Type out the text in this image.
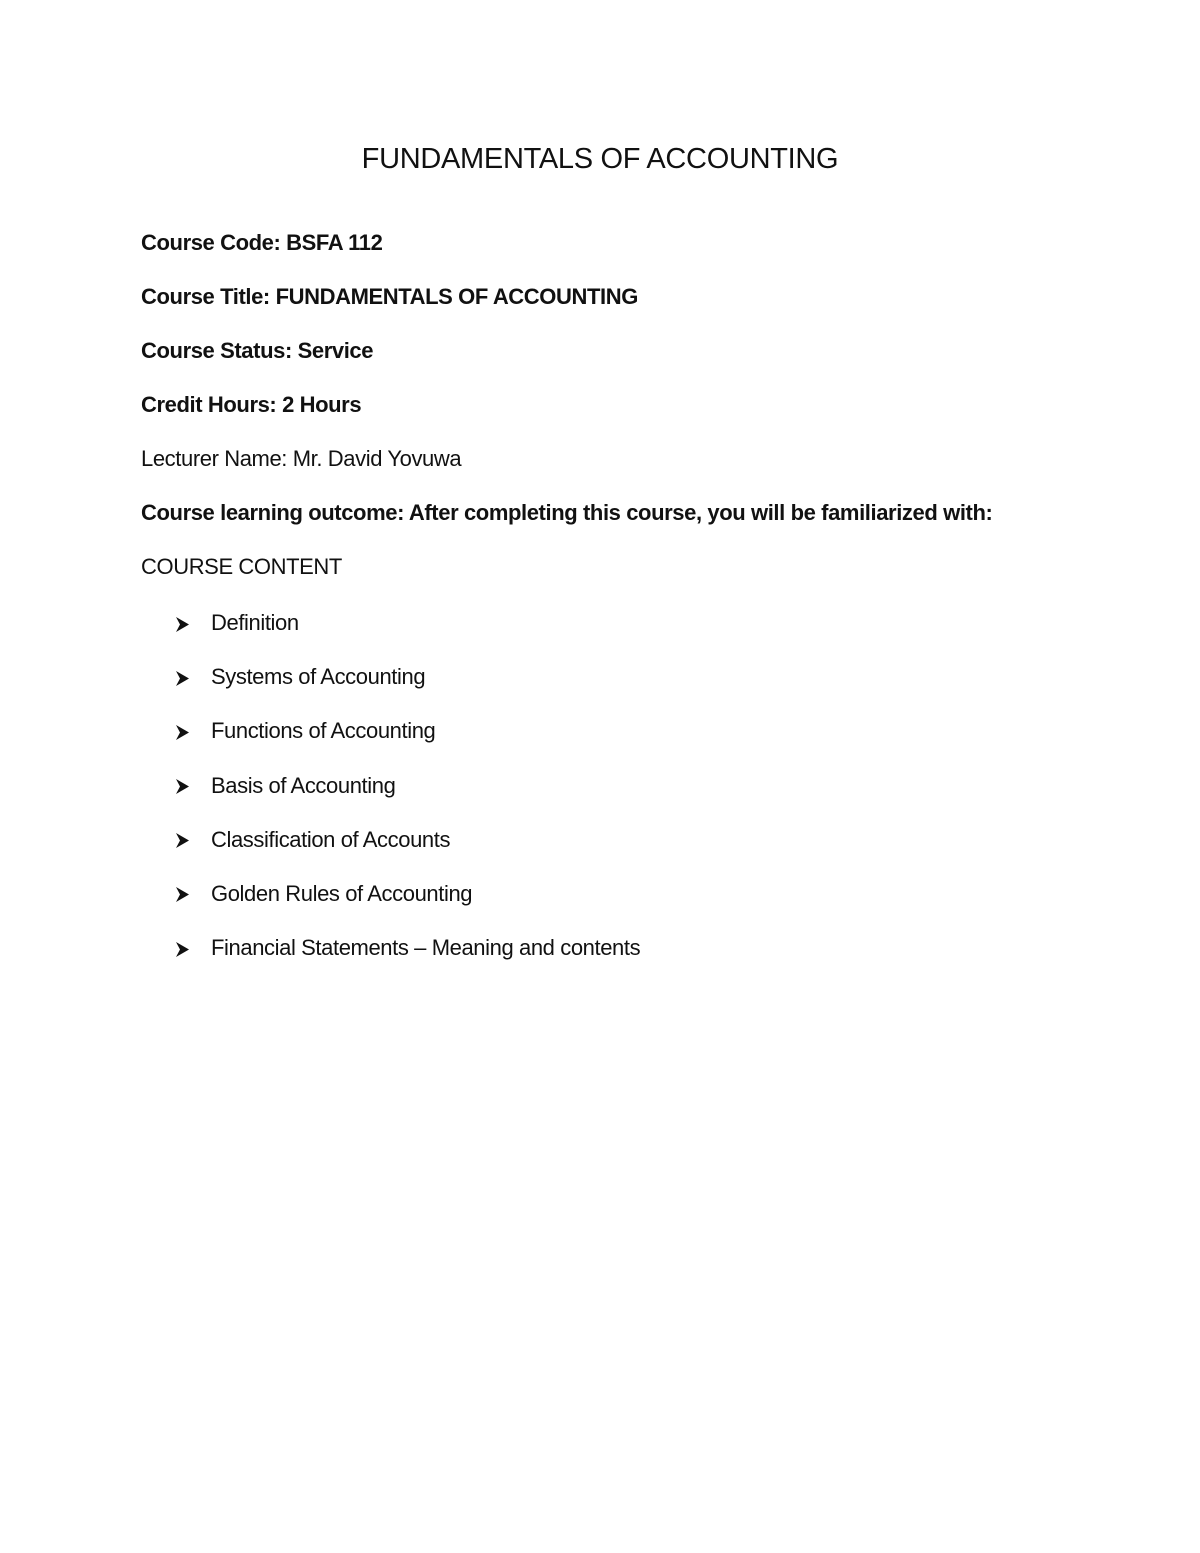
FUNDAMENTALS OF ACCOUNTING

Course Code: BSFA 112

Course Title: FUNDAMENTALS OF ACCOUNTING

Course Status: Service

Credit Hours: 2 Hours

Lecturer Name: Mr. David Yovuwa

Course learning outcome: After completing this course, you will be familiarized with:

COURSE CONTENT

Definition
Systems of Accounting
Functions of Accounting
Basis of Accounting
Classification of Accounts
Golden Rules of Accounting
Financial Statements – Meaning and contents
